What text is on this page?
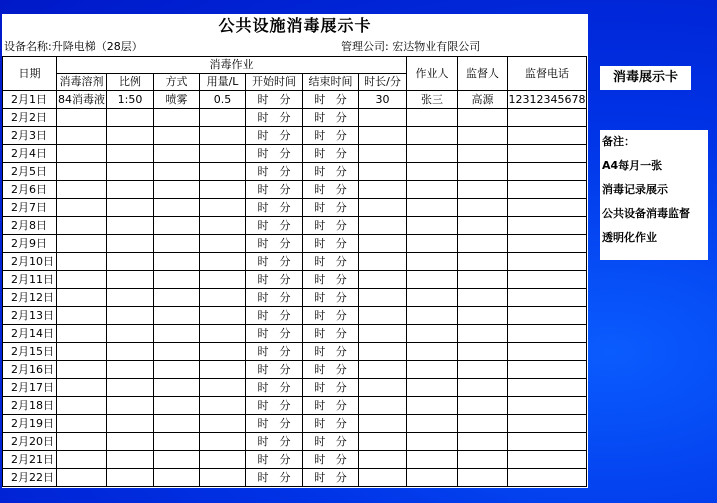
公共设施消毒展示卡
设备名称:升降电梯（28层）	管理公司: 宏达物业有限公司
日期	消毒作业							作业人	监督人	监督电话
	消毒溶剂	比例	方式	用量/L	开始时间	结束时间	时长/分			
2月1日	84消毒液	1:50	喷雾	0.5	时 分	时 分	30	张三	高源	12312345678
2月2日					时 分	时 分				

2月3日					时 分	时 分				

2月4日					时 分	时 分				

2月5日					时 分	时 分				

2月6日					时 分	时 分				

2月7日					时 分	时 分				

2月8日					时 分	时 分				

2月9日					时 分	时 分				

2月10日					时 分	时 分				

2月11日					时 分	时 分				

2月12日					时 分	时 分				

2月13日					时 分	时 分				

2月14日					时 分	时 分				

2月15日					时 分	时 分				

2月16日					时 分	时 分				

2月17日					时 分	时 分				

2月18日					时 分	时 分				

2月19日					时 分	时 分				

2月20日					时 分	时 分				

2月21日					时 分	时 分				

2月22日					时 分	时 分				

消毒展示卡
备注：
A4每月一张
消毒记录展示
公共设备消毒监督
透明化作业
